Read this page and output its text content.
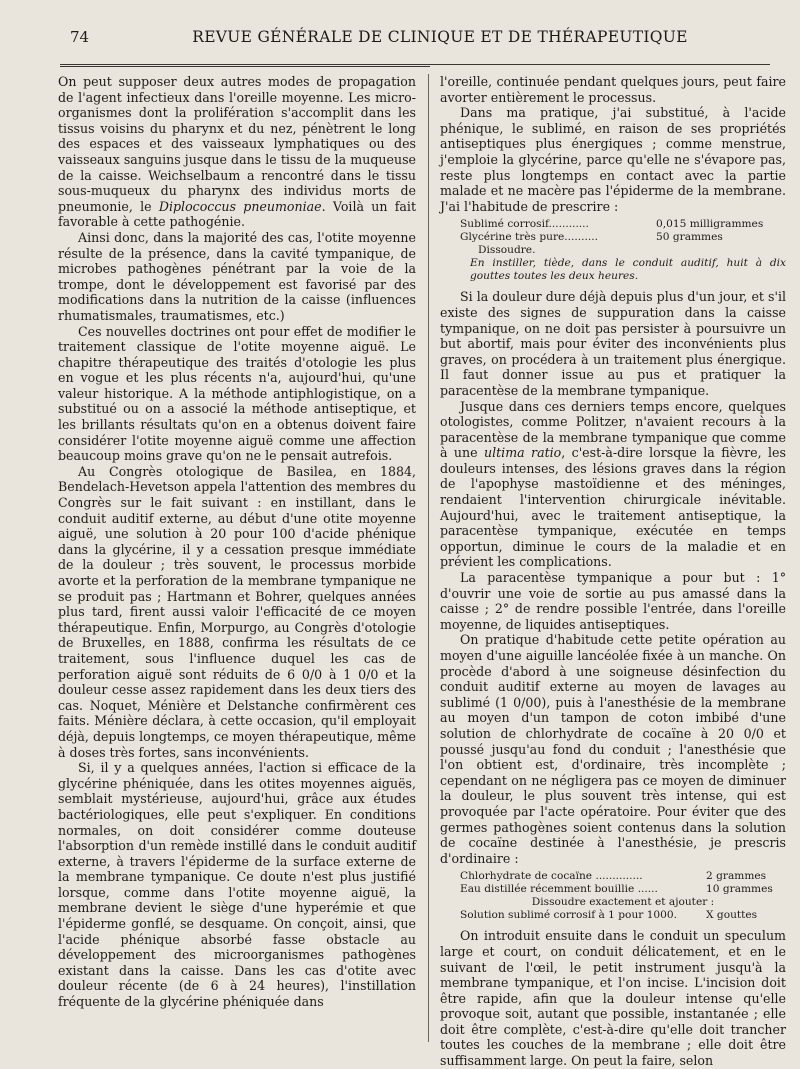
74	REVUE GÉNÉRALE DE CLINIQUE ET DE THÉRAPEUTIQUE

On peut supposer deux autres modes de propagation de l'agent infectieux dans l'oreille moyenne. Les micro-organismes dont la prolifération s'accomplit dans les tissus voisins du pharynx et du nez, pénètrent le long des espaces et des vaisseaux lymphatiques ou des vaisseaux sanguins jusque dans le tissu de la muqueuse de la caisse. Weichselbaum a rencontré dans le tissu sous-muqueux du pharynx des individus morts de pneumonie, le Diplococcus pneumoniae. Voilà un fait favorable à cette pathogénie.

Ainsi donc, dans la majorité des cas, l'otite moyenne résulte de la présence, dans la cavité tympanique, de microbes pathogènes pénétrant par la voie de la trompe, dont le développement est favorisé par des modifications dans la nutrition de la caisse (influences rhumatismales, traumatismes, etc.)

Ces nouvelles doctrines ont pour effet de modifier le traitement classique de l'otite moyenne aiguë. Le chapitre thérapeutique des traités d'otologie les plus en vogue et les plus récents n'a, aujourd'hui, qu'une valeur historique. A la méthode antiphlogistique, on a substitué ou on a associé la méthode antiseptique, et les brillants résultats qu'on en a obtenus doivent faire considérer l'otite moyenne aiguë comme une affection beaucoup moins grave qu'on ne le pensait autrefois.

Au Congrès otologique de Basilea, en 1884, Bendelach-Hevetson appela l'attention des membres du Congrès sur le fait suivant : en instillant, dans le conduit auditif externe, au début d'une otite moyenne aiguë, une solution à 20 pour 100 d'acide phénique dans la glycérine, il y a cessation presque immédiate de la douleur ; très souvent, le processus morbide avorte et la perforation de la membrane tympanique ne se produit pas ; Hartmann et Bohrer, quelques années plus tard, firent aussi valoir l'efficacité de ce moyen thérapeutique. Enfin, Morpurgo, au Congrès d'otologie de Bruxelles, en 1888, confirma les résultats de ce traitement, sous l'influence duquel les cas de perforation aiguë sont réduits de 6 0/0 à 1 0/0 et la douleur cesse assez rapidement dans les deux tiers des cas. Noquet, Ménière et Delstanche confirmèrent ces faits. Ménière déclara, à cette occasion, qu'il employait déjà, depuis longtemps, ce moyen thérapeutique, même à doses très fortes, sans inconvénients.

Si, il y a quelques années, l'action si efficace de la glycérine phéniquée, dans les otites moyennes aiguës, semblait mystérieuse, aujourd'hui, grâce aux études bactériologiques, elle peut s'expliquer. En conditions normales, on doit considérer comme douteuse l'absorption d'un remède instillé dans le conduit auditif externe, à travers l'épiderme de la surface externe de la membrane tympanique. Ce doute n'est plus justifié lorsque, comme dans l'otite moyenne aiguë, la membrane devient le siège d'une hyperémie et que l'épiderme gonflé, se desquame. On conçoit, ainsi, que l'acide phénique absorbé fasse obstacle au développement des microorganismes pathogènes existant dans la caisse. Dans les cas d'otite avec douleur récente (de 6 à 24 heures), l'instillation fréquente de la glycérine phéniquée dans

l'oreille, continuée pendant quelques jours, peut faire avorter entièrement le processus.

Dans ma pratique, j'ai substitué, à l'acide phénique, le sublimé, en raison de ses propriétés antiseptiques plus énergiques ; comme menstrue, j'emploie la glycérine, parce qu'elle ne s'évapore pas, reste plus longtemps en contact avec la partie malade et ne macère pas l'épiderme de la membrane. J'ai l'habitude de prescrire :

Sublimé corrosif............	0,015 milligrammes
Glycérine très pure..........	50 grammes
Dissoudre.
En instiller, tiède, dans le conduit auditif, huit à dix gouttes toutes les deux heures.

Si la douleur dure déjà depuis plus d'un jour, et s'il existe des signes de suppuration dans la caisse tympanique, on ne doit pas persister à poursuivre un but abortif, mais pour éviter des inconvénients plus graves, on procédera à un traitement plus énergique. Il faut donner issue au pus et pratiquer la paracentèse de la membrane tympanique.

Jusque dans ces derniers temps encore, quelques otologistes, comme Politzer, n'avaient recours à la paracentèse de la membrane tympanique que comme à une ultima ratio, c'est-à-dire lorsque la fièvre, les douleurs intenses, des lésions graves dans la région de l'apophyse mastoïdienne et des méninges, rendaient l'intervention chirurgicale inévitable. Aujourd'hui, avec le traitement antiseptique, la paracentèse tympanique, exécutée en temps opportun, diminue le cours de la maladie et en prévient les complications.

La paracentèse tympanique a pour but : 1° d'ouvrir une voie de sortie au pus amassé dans la caisse ; 2° de rendre possible l'entrée, dans l'oreille moyenne, de liquides antiseptiques.

On pratique d'habitude cette petite opération au moyen d'une aiguille lancéolée fixée à un manche. On procède d'abord à une soigneuse désinfection du conduit auditif externe au moyen de lavages au sublimé (1 0/00), puis à l'anesthésie de la membrane au moyen d'un tampon de coton imbibé d'une solution de chlorhydrate de cocaïne à 20 0/0 et poussé jusqu'au fond du conduit ; l'anesthésie que l'on obtient est, d'ordinaire, très incomplète ; cependant on ne négligera pas ce moyen de diminuer la douleur, le plus souvent très intense, qui est provoquée par l'acte opératoire. Pour éviter que des germes pathogènes soient contenus dans la solution de cocaïne destinée à l'anesthésie, je prescris d'ordinaire :

Chlorhydrate de cocaïne ..............	2 grammes
Eau distillée récemment bouillie ......	10 grammes
Dissoudre exactement et ajouter :
Solution sublimé corrosif à 1 pour 1000.	X gouttes

On introduit ensuite dans le conduit un speculum large et court, on conduit délicatement, et en le suivant de l'œil, le petit instrument jusqu'à la membrane tympanique, et l'on incise. L'incision doit être rapide, afin que la douleur intense qu'elle provoque soit, autant que possible, instantanée ; elle doit être complète, c'est-à-dire qu'elle doit trancher toutes les couches de la membrane ; elle doit être suffisamment large. On peut la faire, selon
